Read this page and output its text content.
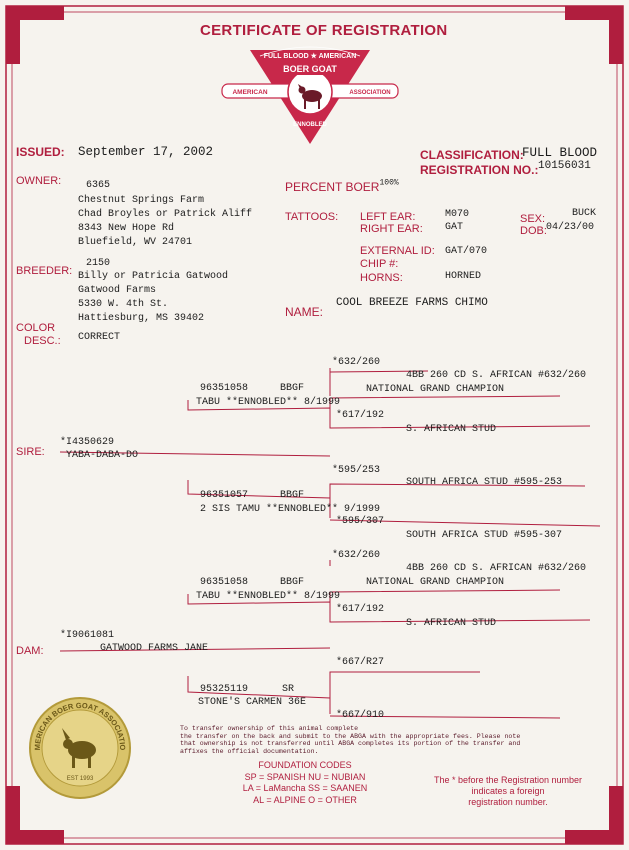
CERTIFICATE OF REGISTRATION
FULL BLOOD ★ AMERICAN
AMERICAN	ASSOCIATION
BOER GOAT
ENNOBLED
ISSUED: September 17, 2002	CLASSIFICATION:
FULL BLOOD
REGISTRATION NO.: 10156031
OWNER: 6365
Chestnut Springs Farm
Chad Broyles or Patrick Aliff
8343 New Hope Rd
Bluefield, WV 24701
PERCENT $BOER^{100\%}$
TATTOOS: LEFT EAR:	M070
RIGHT EAR: GAT
SEX:	BUCK
DOB: 04/23/00
EXTERNAL ID: GAT/070
CHIP #:
HORNS:	HORNED
BREEDER:
2150
Billy or Patricia Gatwood
Gatwood Farms
5330 W. 4th St.
Hattiesburg, MS 39402	NAME:
COOL BREEZE FARMS CHIMO
COLOR
DESC.: CORRECT
SIRE:
*I4350629
YABA-DABA-DO
96351058	BBGF
TABU **ENNOBLED** 8/1999
*632/260
4BB 260 CD S. AFRICAN #632/260
NATIONAL GRAND CHAMPION
*617/192
S. AFRICAN STUD
*595/253
SOUTH AFRICA STUD #595-253
96351057	BBGF
2 SIS TAMU **ENNOBLED** 9/1999
*595/307
SOUTH AFRICA STUD #595-307
*632/260
4BB 260 CD S. AFRICAN #632/260
96351058	BBGF	NATIONAL GRAND CHAMPION
TABU **ENNOBLED** 8/1999
*617/192
S. AFRICAN STUD
DAM:
*I9061081
GATWOOD FARMS JANE
*667/R27
95325119	SR
STONE'S CARMEN 36E
*667/910
To transfer ownership of this animal complete
the transfer on the back and submit to the ABGA with the appropriate fees. Please note
that ownership is not transferred until ABGA completes its portion of the transfer and
affixes the official documentation.
MERICAN BOER GOAT ASSOCIATIO
EST 1993
FOUNDATION CODES
SP = SPANISH NU = NUBIAN
LA = LaMancha SS = SAANEN
AL = ALPINE O = OTHER
The * before the Registration number
indicates a foreign
registration number.
